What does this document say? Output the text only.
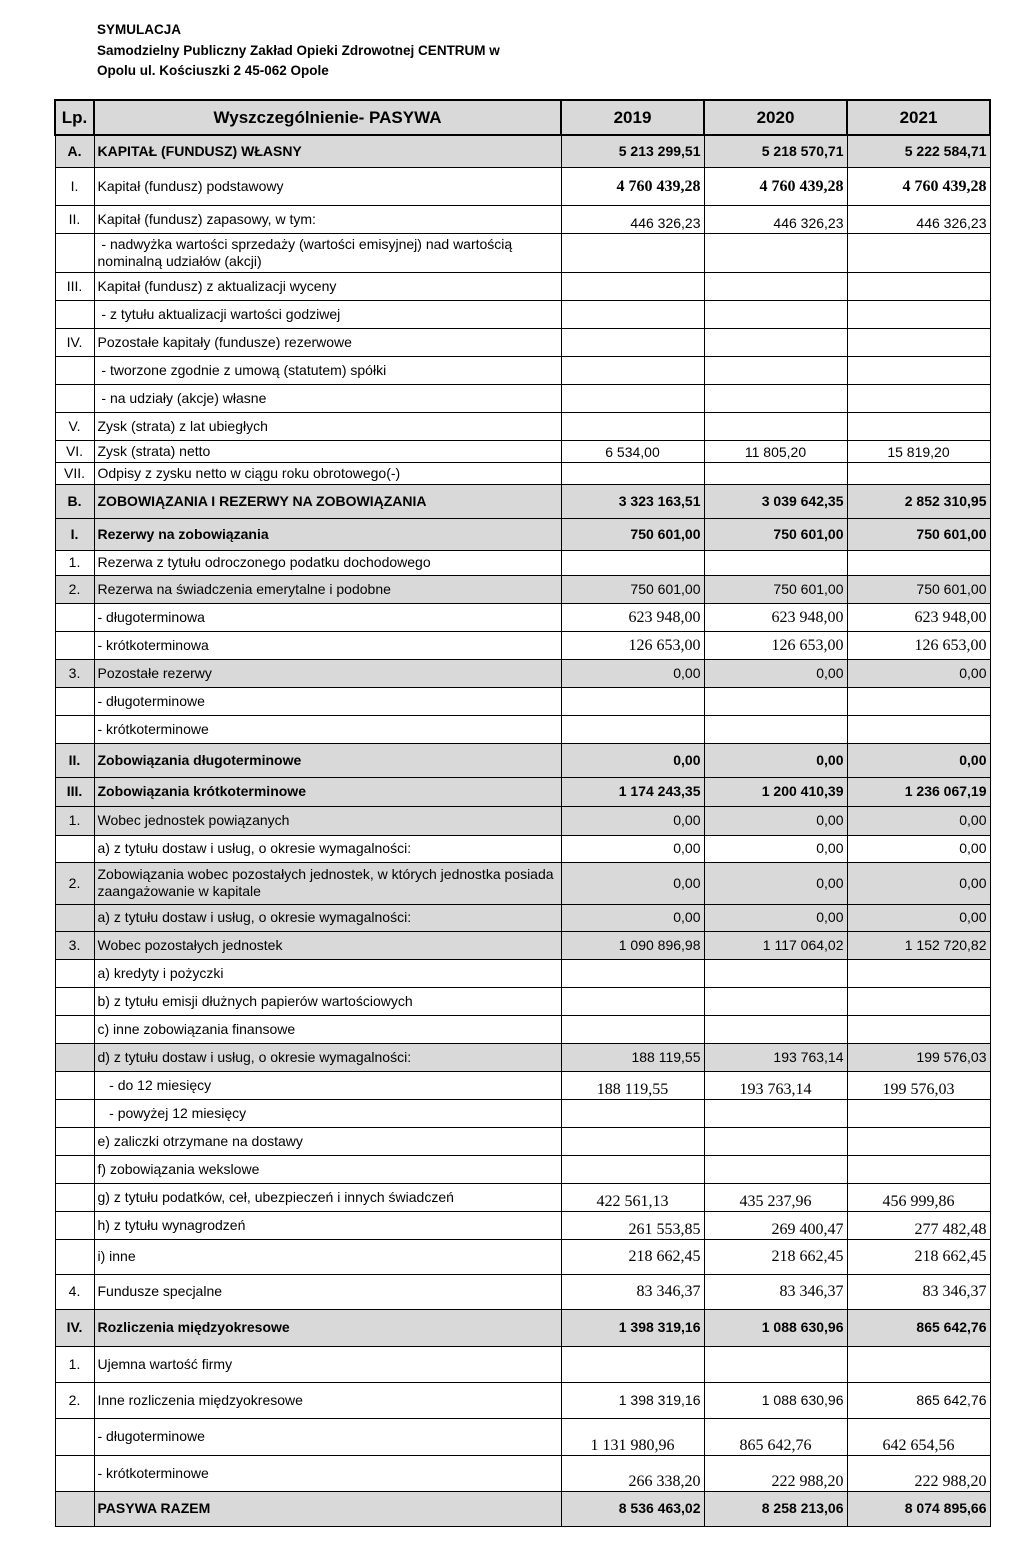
SYMULACJA
Samodzielny Publiczny Zakład Opieki Zdrowotnej CENTRUM w
Opolu ul. Kościuszki 2 45-062 Opole
Lp.	Wyszczególnienie- PASYWA	2019	2020	2021
A.	KAPITAŁ (FUNDUSZ) WŁASNY	5 213 299,51	5 218 570,71	5 222 584,71
I.	Kapitał (fundusz) podstawowy	4 760 439,28	4 760 439,28	4 760 439,28
II.	Kapitał (fundusz) zapasowy, w tym:	446 326,23	446 326,23	446 326,23
	- nadwyżka wartości sprzedaży (wartości emisyjnej) nad wartością nominalną udziałów (akcji)			
III.	Kapitał (fundusz) z aktualizacji wyceny			
	- z tytułu aktualizacji wartości godziwej			
IV.	Pozostałe kapitały (fundusze) rezerwowe			
	- tworzone zgodnie z umową (statutem) spółki			
	- na udziały (akcje) własne			
V.	Zysk (strata) z lat ubiegłych			
VI.	Zysk (strata) netto	6 534,00	11 805,20	15 819,20
VII.	Odpisy z zysku netto w ciągu roku obrotowego(-)			
B.	ZOBOWIĄZANIA I REZERWY NA ZOBOWIĄZANIA	3 323 163,51	3 039 642,35	2 852 310,95
I.	Rezerwy na zobowiązania	750 601,00	750 601,00	750 601,00
1.	Rezerwa z tytułu odroczonego podatku dochodowego			
2.	Rezerwa na świadczenia emerytalne i podobne	750 601,00	750 601,00	750 601,00
	- długoterminowa	623 948,00	623 948,00	623 948,00
	- krótkoterminowa	126 653,00	126 653,00	126 653,00
3.	Pozostałe rezerwy	0,00	0,00	0,00
	- długoterminowe			
	- krótkoterminowe			
II.	Zobowiązania długoterminowe	0,00	0,00	0,00
III.	Zobowiązania krótkoterminowe	1 174 243,35	1 200 410,39	1 236 067,19
1.	Wobec jednostek powiązanych	0,00	0,00	0,00
	a) z tytułu dostaw i usług, o okresie wymagalności:	0,00	0,00	0,00
2.	Zobowiązania wobec pozostałych jednostek, w których jednostka posiada zaangażowanie w kapitale	0,00	0,00	0,00
	a) z tytułu dostaw i usług, o okresie wymagalności:	0,00	0,00	0,00
3.	Wobec pozostałych jednostek	1 090 896,98	1 117 064,02	1 152 720,82
	a) kredyty i pożyczki			
	b) z tytułu emisji dłużnych papierów wartościowych			
	c) inne zobowiązania finansowe			
	d) z tytułu dostaw i usług, o okresie wymagalności:	188 119,55	193 763,14	199 576,03
	- do 12 miesięcy	188 119,55	193 763,14	199 576,03
	- powyżej 12 miesięcy			
	e) zaliczki otrzymane na dostawy			
	f) zobowiązania wekslowe			
	g) z tytułu podatków, ceł, ubezpieczeń i innych świadczeń	422 561,13	435 237,96	456 999,86
	h) z tytułu wynagrodzeń	261 553,85	269 400,47	277 482,48
	i) inne	218 662,45	218 662,45	218 662,45
4.	Fundusze specjalne	83 346,37	83 346,37	83 346,37
IV.	Rozliczenia międzyokresowe	1 398 319,16	1 088 630,96	865 642,76
1.	Ujemna wartość firmy			
2.	Inne rozliczenia międzyokresowe	1 398 319,16	1 088 630,96	865 642,76
	- długoterminowe	1 131 980,96	865 642,76	642 654,56
	- krótkoterminowe	266 338,20	222 988,20	222 988,20
	PASYWA RAZEM	8 536 463,02	8 258 213,06	8 074 895,66
